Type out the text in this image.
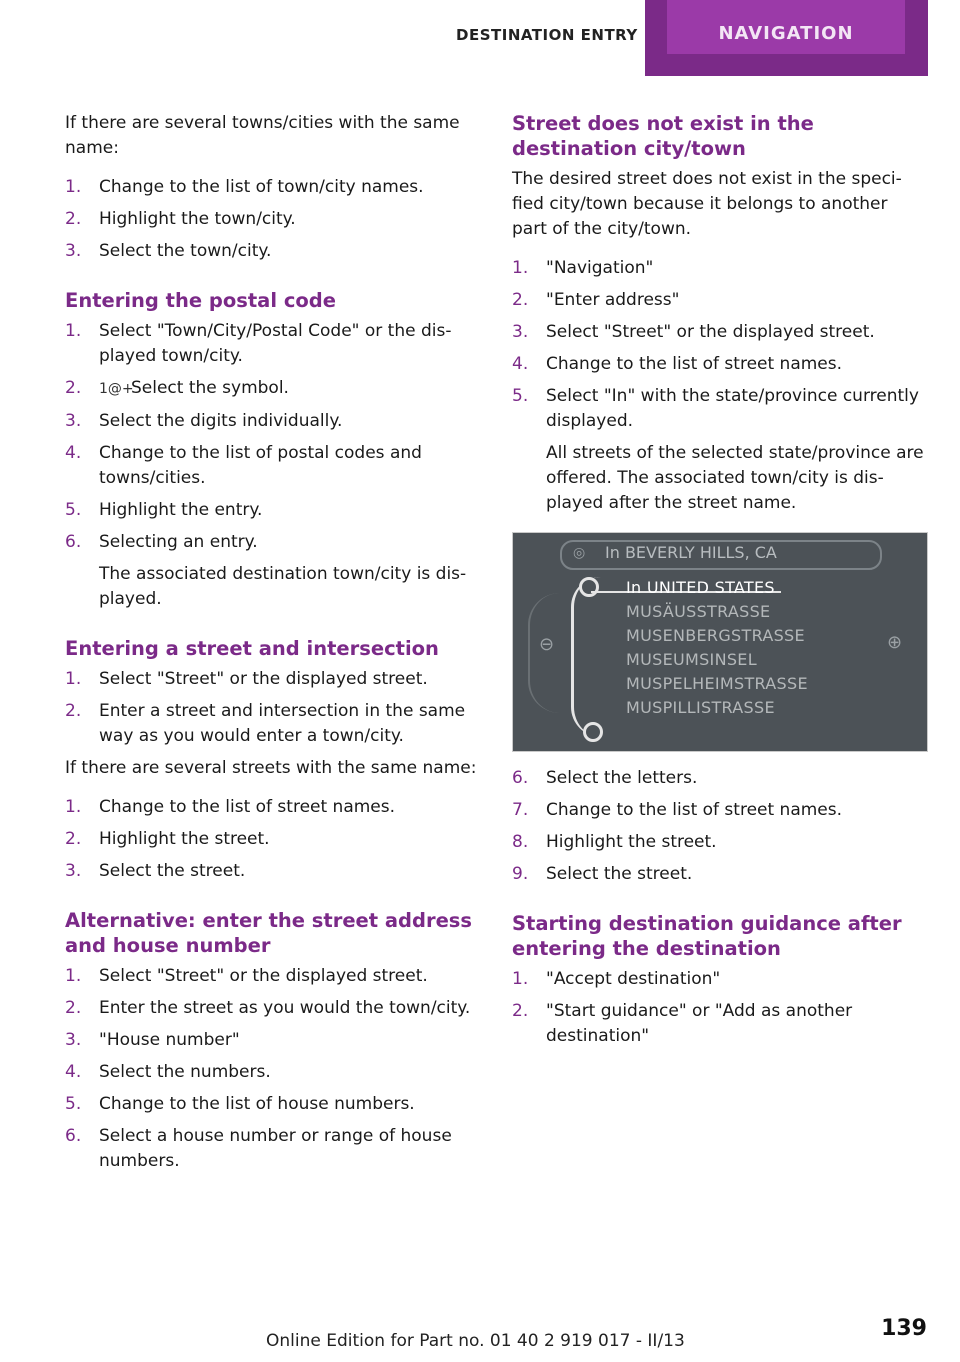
DESTINATION ENTRY	NAVIGATION

If there are several towns/cities with the same name:

1. Change to the list of town/city names.
2. Highlight the town/city.
3. Select the town/city.
Entering the postal code
1. Select "Town/City/Postal Code" or the dis‐ played town/city.
2. 1@+Select the symbol.
3. Select the digits individually.
4. Change to the list of postal codes and towns/cities.
5. Highlight the entry.
6. Selecting an entry.
The associated destination town/city is dis‐ played.
Entering a street and intersection
1. Select "Street" or the displayed street.
2. Enter a street and intersection in the same way as you would enter a town/city.

If there are several streets with the same name:

1. Change to the list of street names.
2. Highlight the street.
3. Select the street.
Alternative: enter the street address and house number
1. Select "Street" or the displayed street.
2. Enter the street as you would the town/city.
3. "House number"
4. Select the numbers.
5. Change to the list of house numbers.
6. Select a house number or range of house numbers.
Street does not exist in the destination city/town

The desired street does not exist in the speci‐ fied city/town because it belongs to another part of the city/town.

1. "Navigation"
2. "Enter address"
3. Select "Street" or the displayed street.
4. Change to the list of street names.
5. Select "In" with the state/province currently displayed.
All streets of the selected state/province are offered. The associated town/city is dis‐ played after the street name.
◎ In BEVERLY HILLS, CA
⊖	⊕
In UNITED STATES
MUSÄUSSTRASSE
MUSENBERGSTRASSE
MUSEUMSINSEL
MUSPELHEIMSTRASSE
MUSPILLISTRASSE
6. Select the letters.
7. Change to the list of street names.
8. Highlight the street.
9. Select the street.
Starting destination guidance after entering the destination
1. "Accept destination"
2. "Start guidance" or "Add as another destination"
Online Edition for Part no. 01 40 2 919 017 - II/13	139
